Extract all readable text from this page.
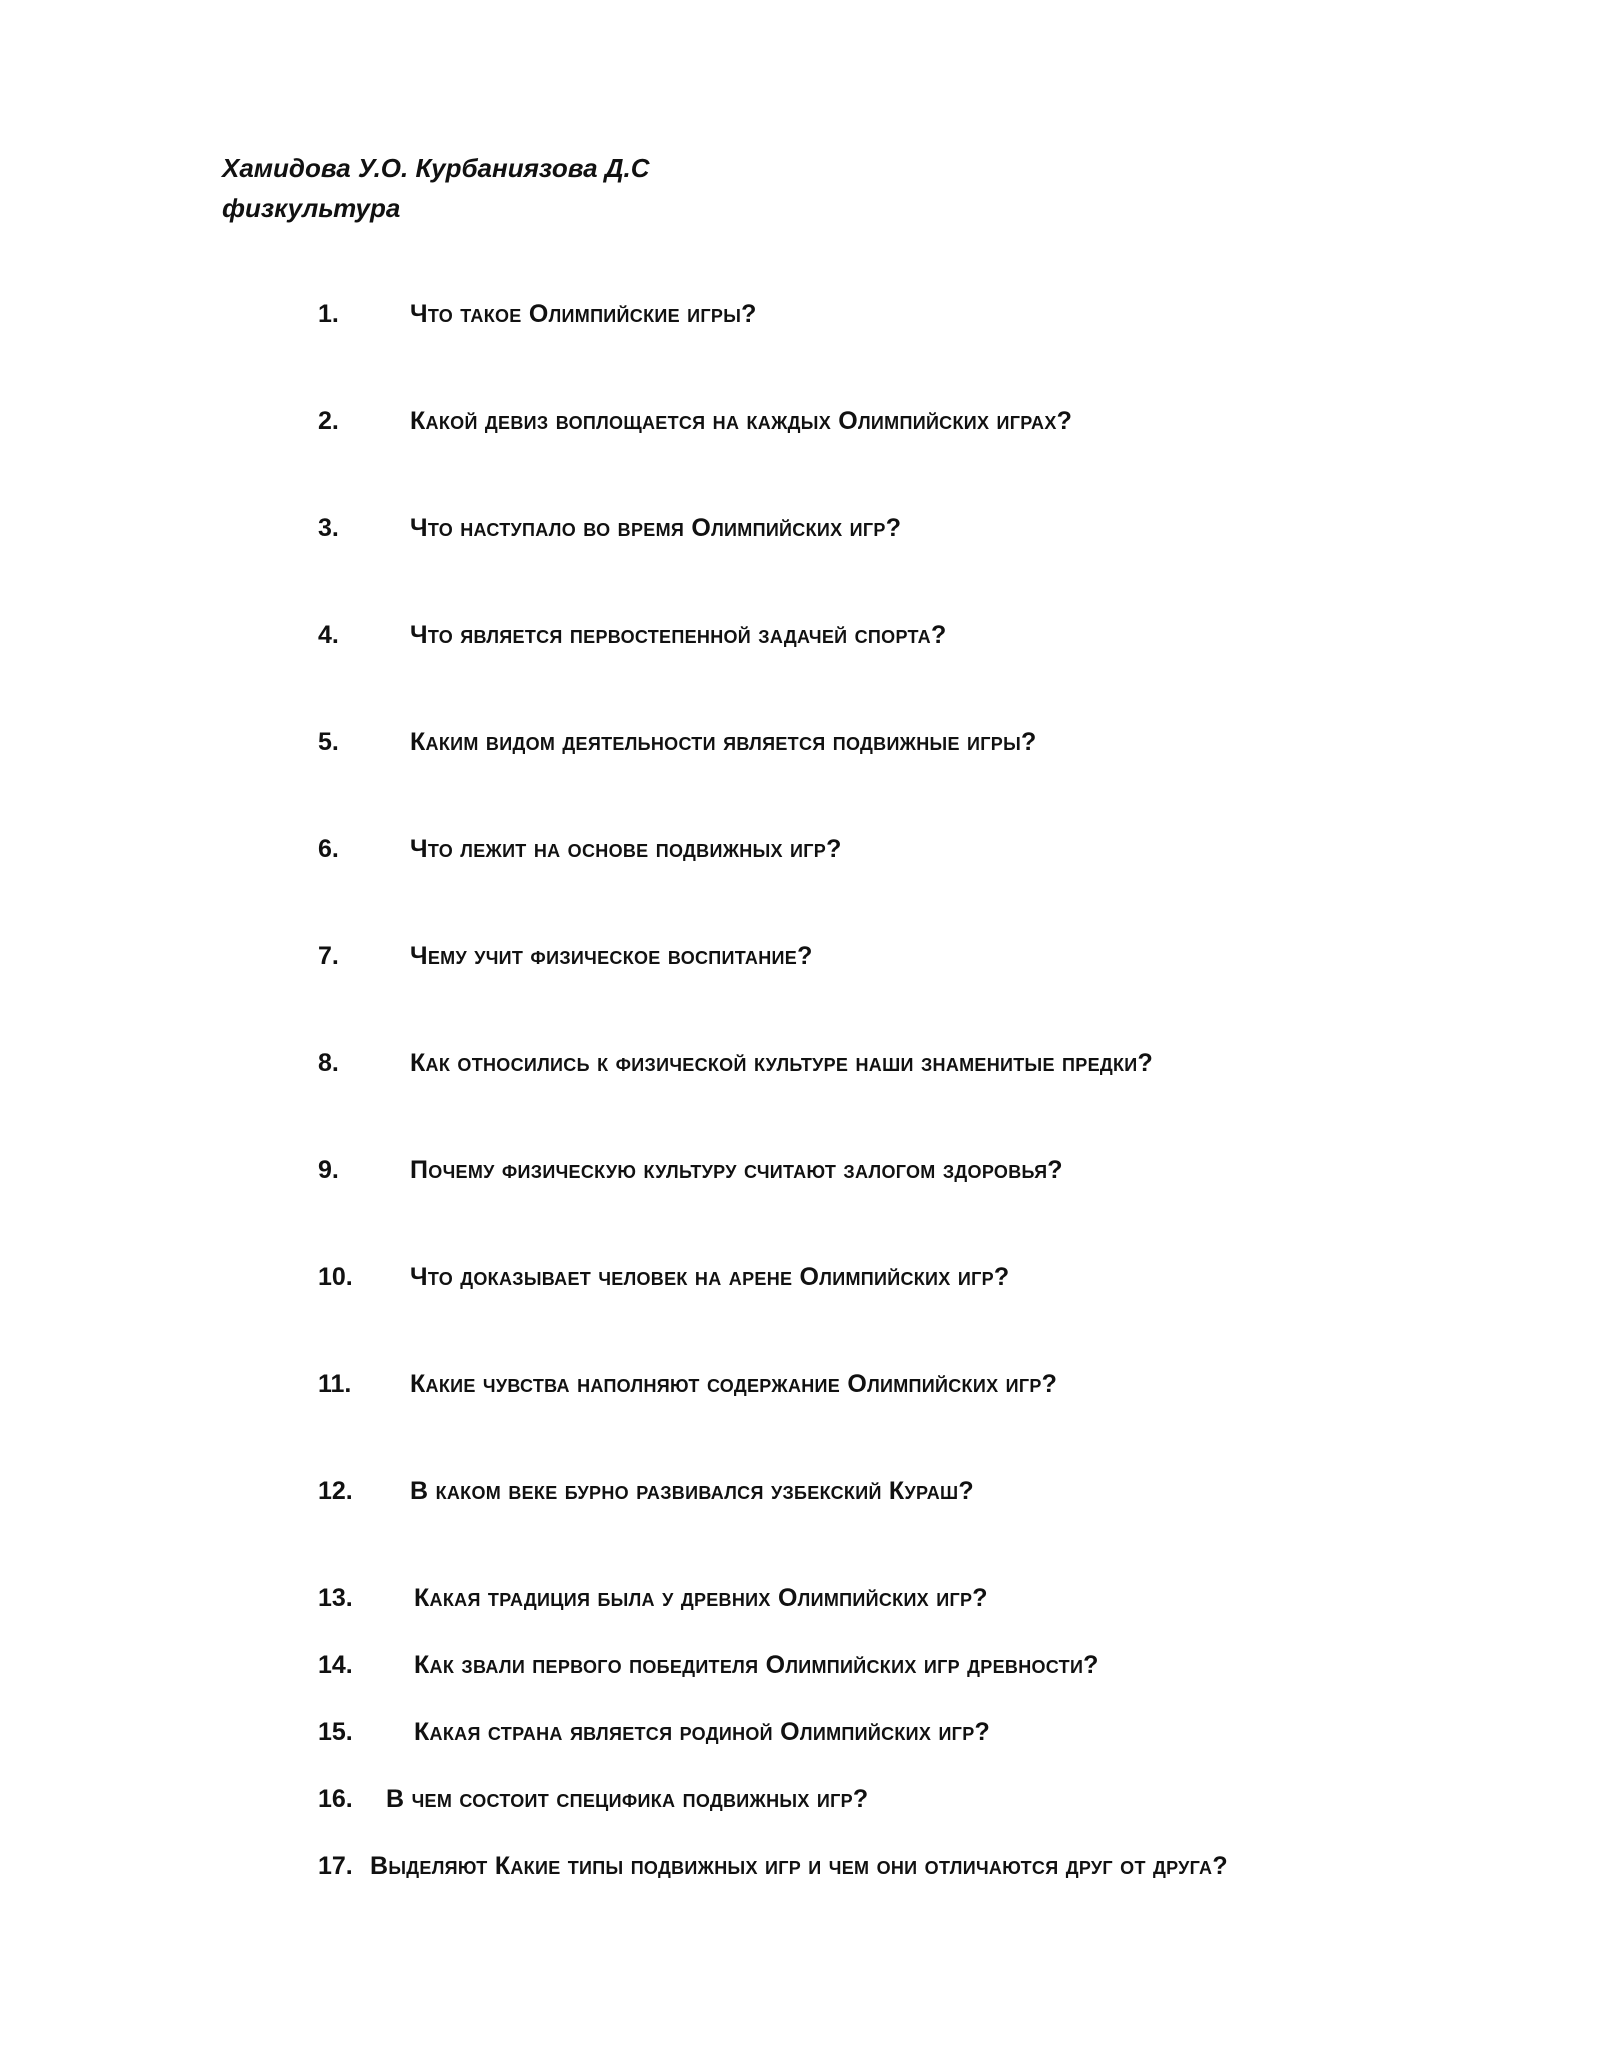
Хамидова У.О. Курбаниязова Д.С
физкультура
1.	Что такое Олимпийские игры?
2.	Какой девиз воплощается на каждых Олимпийских играх?
3.	Что наступало во время Олимпийских игр?
4.	Что является первостепенной задачей спорта?
5.	Каким видом деятельности является подвижные игры?
6.	Что лежит на основе подвижных игр?
7.	Чему учит физическое воспитание?
8.	Как относились к физической культуре наши знаменитые предки?
9.	Почему физическую культуру считают залогом здоровья?
10. Что доказывает человек на арене Олимпийских игр?
11. Какие чувства наполняют содержание Олимпийских игр?
12. В каком веке бурно развивался узбекский Кураш?
13. Какая традиция была у древних Олимпийских игр?
14. Как звали первого победителя Олимпийских игр древности?
15. Какая страна является родиной Олимпийских игр?
16. В чем состоит специфика подвижных игр?
17. Выделяют Какие типы подвижных игр и чем они отличаются друг от друга?
